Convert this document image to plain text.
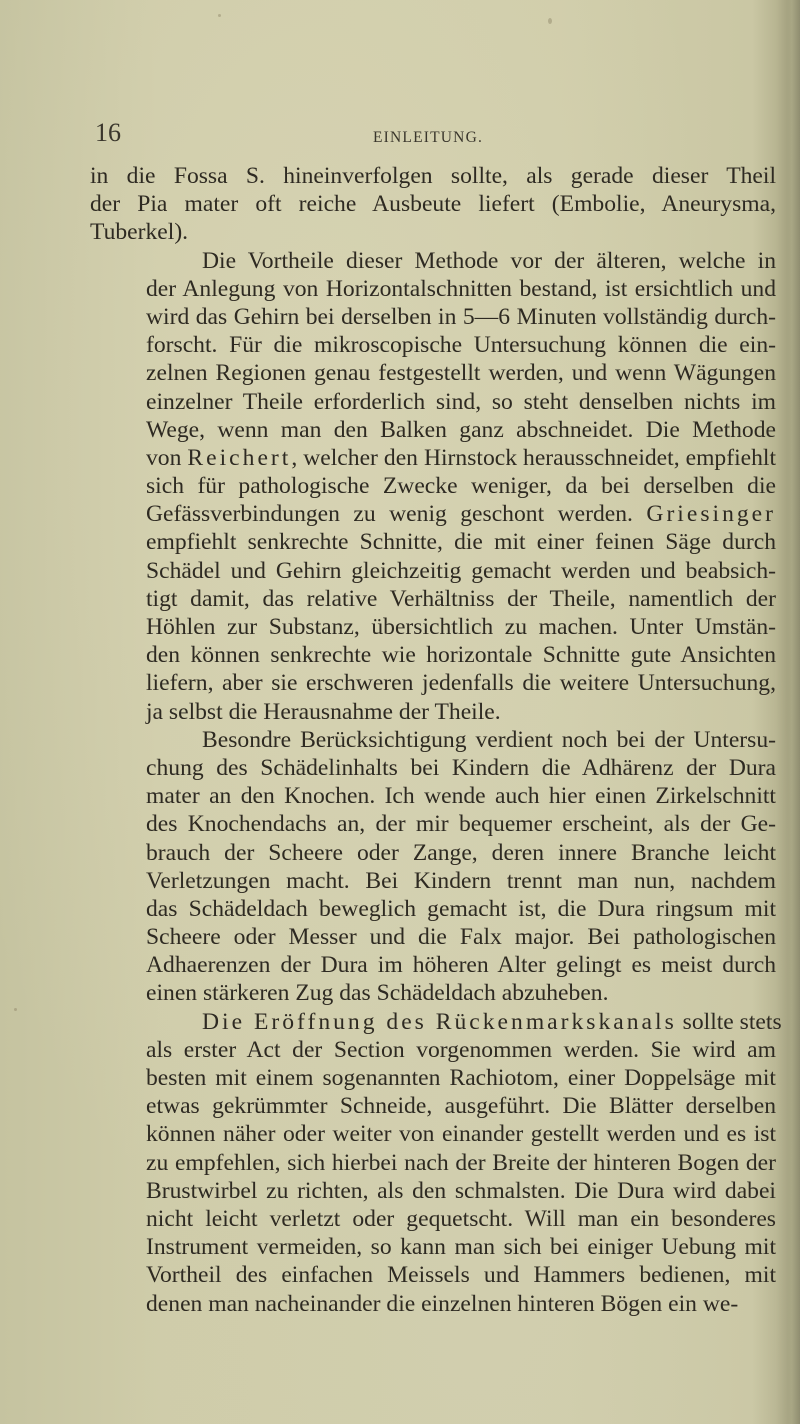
16	EINLEITUNG.
in die Fossa S. hineinverfolgen sollte, als gerade dieser Theil
der Pia mater oft reiche Ausbeute liefert (Embolie, Aneurysma,
Tuberkel).
Die Vortheile dieser Methode vor der älteren, welche in
der Anlegung von Horizontalschnitten bestand, ist ersichtlich und
wird das Gehirn bei derselben in 5—6 Minuten vollständig durch-
forscht. Für die mikroscopische Untersuchung können die ein-
zelnen Regionen genau festgestellt werden, und wenn Wägungen
einzelner Theile erforderlich sind, so steht denselben nichts im
Wege, wenn man den Balken ganz abschneidet. Die Methode
von Reichert, welcher den Hirnstock herausschneidet, empfiehlt
sich für pathologische Zwecke weniger, da bei derselben die
Gefässverbindungen zu wenig geschont werden. Griesinger
empfiehlt senkrechte Schnitte, die mit einer feinen Säge durch
Schädel und Gehirn gleichzeitig gemacht werden und beabsich-
tigt damit, das relative Verhältniss der Theile, namentlich der
Höhlen zur Substanz, übersichtlich zu machen. Unter Umstän-
den können senkrechte wie horizontale Schnitte gute Ansichten
liefern, aber sie erschweren jedenfalls die weitere Untersuchung,
ja selbst die Herausnahme der Theile.
Besondre Berücksichtigung verdient noch bei der Untersu-
chung des Schädelinhalts bei Kindern die Adhärenz der Dura
mater an den Knochen. Ich wende auch hier einen Zirkelschnitt
des Knochendachs an, der mir bequemer erscheint, als der Ge-
brauch der Scheere oder Zange, deren innere Branche leicht
Verletzungen macht. Bei Kindern trennt man nun, nachdem
das Schädeldach beweglich gemacht ist, die Dura ringsum mit
Scheere oder Messer und die Falx major. Bei pathologischen
Adhaerenzen der Dura im höheren Alter gelingt es meist durch
einen stärkeren Zug das Schädeldach abzuheben.
Die Eröffnung des Rückenmarkskanals sollte stets
als erster Act der Section vorgenommen werden. Sie wird am
besten mit einem sogenannten Rachiotom, einer Doppelsäge mit
etwas gekrümmter Schneide, ausgeführt. Die Blätter derselben
können näher oder weiter von einander gestellt werden und es ist
zu empfehlen, sich hierbei nach der Breite der hinteren Bogen der
Brustwirbel zu richten, als den schmalsten. Die Dura wird dabei
nicht leicht verletzt oder gequetscht. Will man ein besonderes
Instrument vermeiden, so kann man sich bei einiger Uebung mit
Vortheil des einfachen Meissels und Hammers bedienen, mit
denen man nacheinander die einzelnen hinteren Bögen ein we-
